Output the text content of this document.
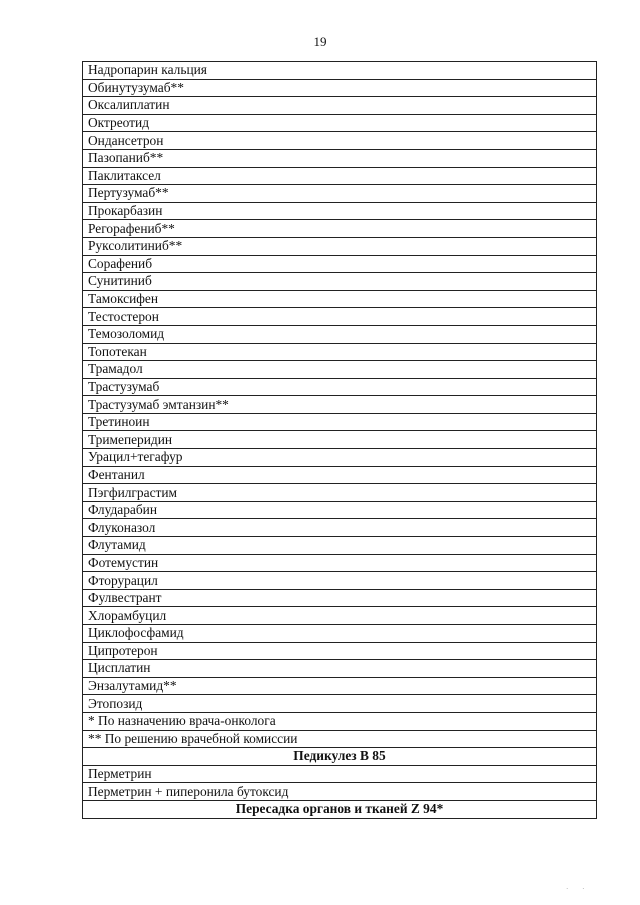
19
Надропарин кальция
Обинутузумаб**
Оксалиплатин
Октреотид
Ондансетрон
Пазопаниб**
Паклитаксел
Пертузумаб**
Прокарбазин
Регорафениб**
Руксолитиниб**
Сорафениб
Сунитиниб
Тамоксифен
Тестостерон
Темозоломид
Топотекан
Трамадол
Трастузумаб
Трастузумаб эмтанзин**
Третиноин
Тримеперидин
Урацил+тегафур
Фентанил
Пэгфилграстим
Флударабин
Флуконазол
Флутамид
Фотемустин
Фторурацил
Фулвестрант
Хлорамбуцил
Циклофосфамид
Ципротерон
Цисплатин
Энзалутамид**
Этопозид
* По назначению врача-онколога
** По решению врачебной комиссии
Педикулез В 85
Перметрин
Перметрин + пиперонила бутоксид
Пересадка органов и тканей Z 94*
· ·
